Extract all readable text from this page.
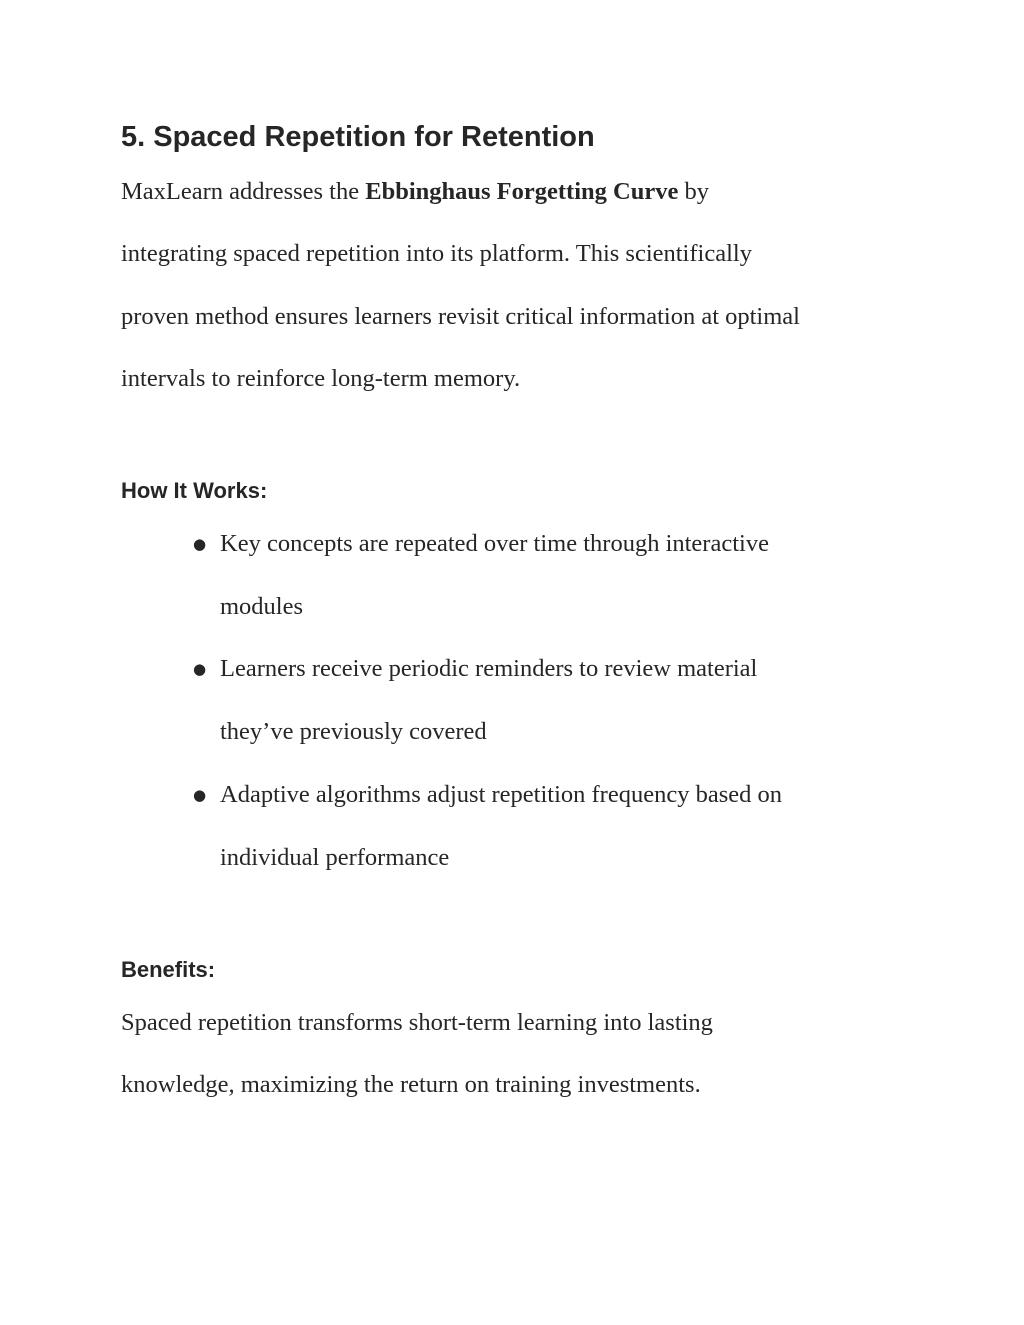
5. Spaced Repetition for Retention

MaxLearn addresses the Ebbinghaus Forgetting Curve by
integrating spaced repetition into its platform. This scientifically
proven method ensures learners revisit critical information at optimal
intervals to reinforce long-term memory.

How It Works:
● Key concepts are repeated over time through interactive
modules
● Learners receive periodic reminders to review material
they’ve previously covered
● Adaptive algorithms adjust repetition frequency based on
individual performance
Benefits:

Spaced repetition transforms short-term learning into lasting
knowledge, maximizing the return on training investments.
